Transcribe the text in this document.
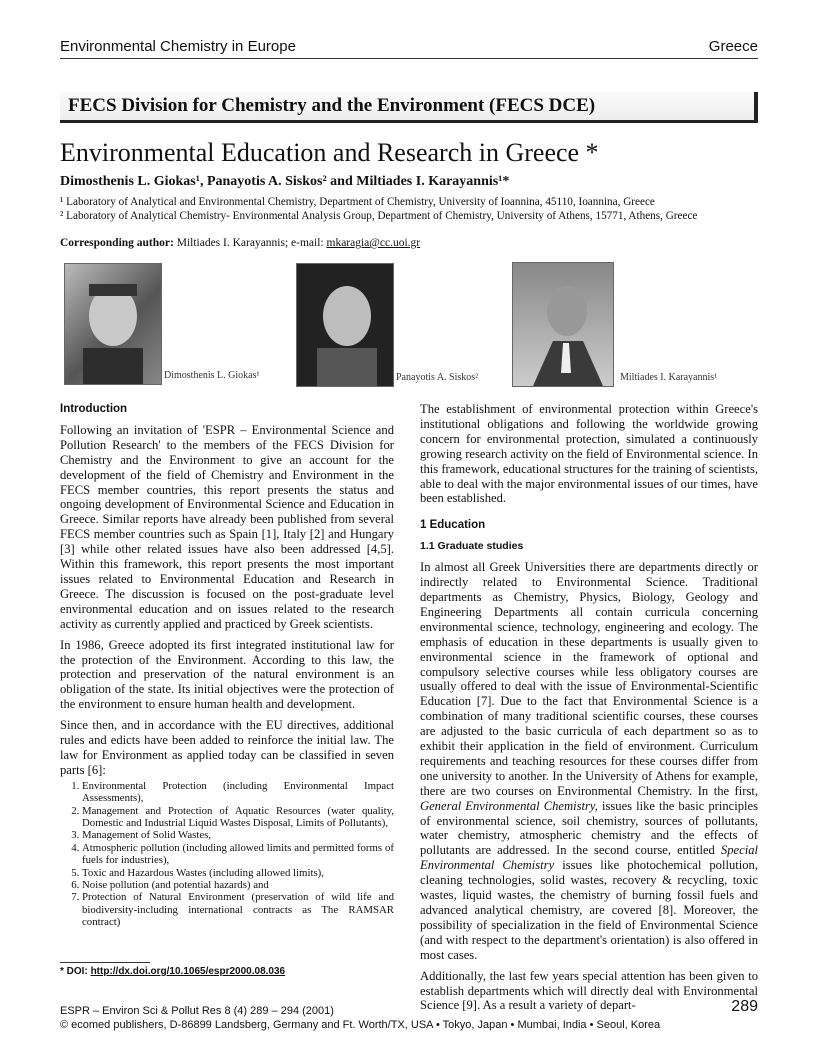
Environmental Chemistry in Europe	Greece
FECS Division for Chemistry and the Environment (FECS DCE)
Environmental Education and Research in Greece *
Dimosthenis L. Giokas¹, Panayotis A. Siskos² and Miltiades I. Karayannis¹*
¹ Laboratory of Analytical and Environmental Chemistry, Department of Chemistry, University of Ioannina, 45110, Ioannina, Greece
² Laboratory of Analytical Chemistry- Environmental Analysis Group, Department of Chemistry, University of Athens, 15771, Athens, Greece
Corresponding author: Miltiades I. Karayannis; e-mail: mkaragia@cc.uoi.gr
Dimosthenis L. Giokas¹	Panayotis A. Siskos²	Miltiades I. Karayannis¹
Introduction

Following an invitation of 'ESPR – Environmental Science and Pollution Research' to the members of the FECS Division for Chemistry and the Environment to give an account for the development of the field of Chemistry and Environment in the FECS member countries, this report presents the status and ongoing development of Environmental Science and Education in Greece. Similar reports have already been published from several FECS member countries such as Spain [1], Italy [2] and Hungary [3] while other related issues have also been addressed [4,5]. Within this framework, this report presents the most important issues related to Environmental Education and Research in Greece. The discussion is focused on the post-graduate level environmental education and on issues related to the research activity as currently applied and practiced by Greek scientists.

In 1986, Greece adopted its first integrated institutional law for the protection of the Environment. According to this law, the protection and preservation of the natural environment is an obligation of the state. Its initial objectives were the protection of the environment to ensure human health and development.

Since then, and in accordance with the EU directives, additional rules and edicts have been added to reinforce the initial law. The law for Environment as applied today can be classified in seven parts [6]:

1. Environmental Protection (including Environmental Impact Assessments),
2. Management and Protection of Aquatic Resources (water quality, Domestic and Industrial Liquid Wastes Disposal, Limits of Pollutants),
3. Management of Solid Wastes,
4. Atmospheric pollution (including allowed limits and permitted forms of fuels for industries),
5. Toxic and Hazardous Wastes (including allowed limits),
6. Noise pollution (and potential hazards) and
7. Protection of Natural Environment (preservation of wild life and biodiversity-including international contracts as The RAMSAR contract)

The establishment of environmental protection within Greece's institutional obligations and following the worldwide growing concern for environmental protection, simulated a continuously growing research activity on the field of Environmental science. In this framework, educational structures for the training of scientists, able to deal with the major environmental issues of our times, have been established.

1 Education
1.1 Graduate studies

In almost all Greek Universities there are departments directly or indirectly related to Environmental Science. Traditional departments as Chemistry, Physics, Biology, Geology and Engineering Departments all contain curricula concerning environmental science, technology, engineering and ecology. The emphasis of education in these departments is usually given to environmental science in the framework of optional and compulsory selective courses while less obligatory courses are usually offered to deal with the issue of Environmental-Scientific Education [7]. Due to the fact that Environmental Science is a combination of many traditional scientific courses, these courses are adjusted to the basic curricula of each department so as to exhibit their application in the field of environment. Curriculum requirements and teaching resources for these courses differ from one university to another. In the University of Athens for example, there are two courses on Environmental Chemistry. In the first, General Environmental Chemistry, issues like the basic principles of environmental science, soil chemistry, sources of pollutants, water chemistry, atmospheric chemistry and the effects of pollutants are addressed. In the second course, entitled Special Environmental Chemistry issues like photochemical pollution, cleaning technologies, solid wastes, recovery & recycling, toxic wastes, liquid wastes, the chemistry of burning fossil fuels and advanced analytical chemistry, are covered [8]. Moreover, the possibility of specialization in the field of Environmental Science (and with respect to the department's orientation) is also offered in most cases.

Additionally, the last few years special attention has been given to establish departments which will directly deal with Environmental Science [9]. As a result a variety of depart-

* DOI: http://dx.doi.org/10.1065/espr2000.08.036
ESPR – Environ Sci & Pollut Res 8 (4) 289 – 294 (2001)
© ecomed publishers, D-86899 Landsberg, Germany and Ft. Worth/TX, USA • Tokyo, Japan • Mumbai, India • Seoul, Korea
289
